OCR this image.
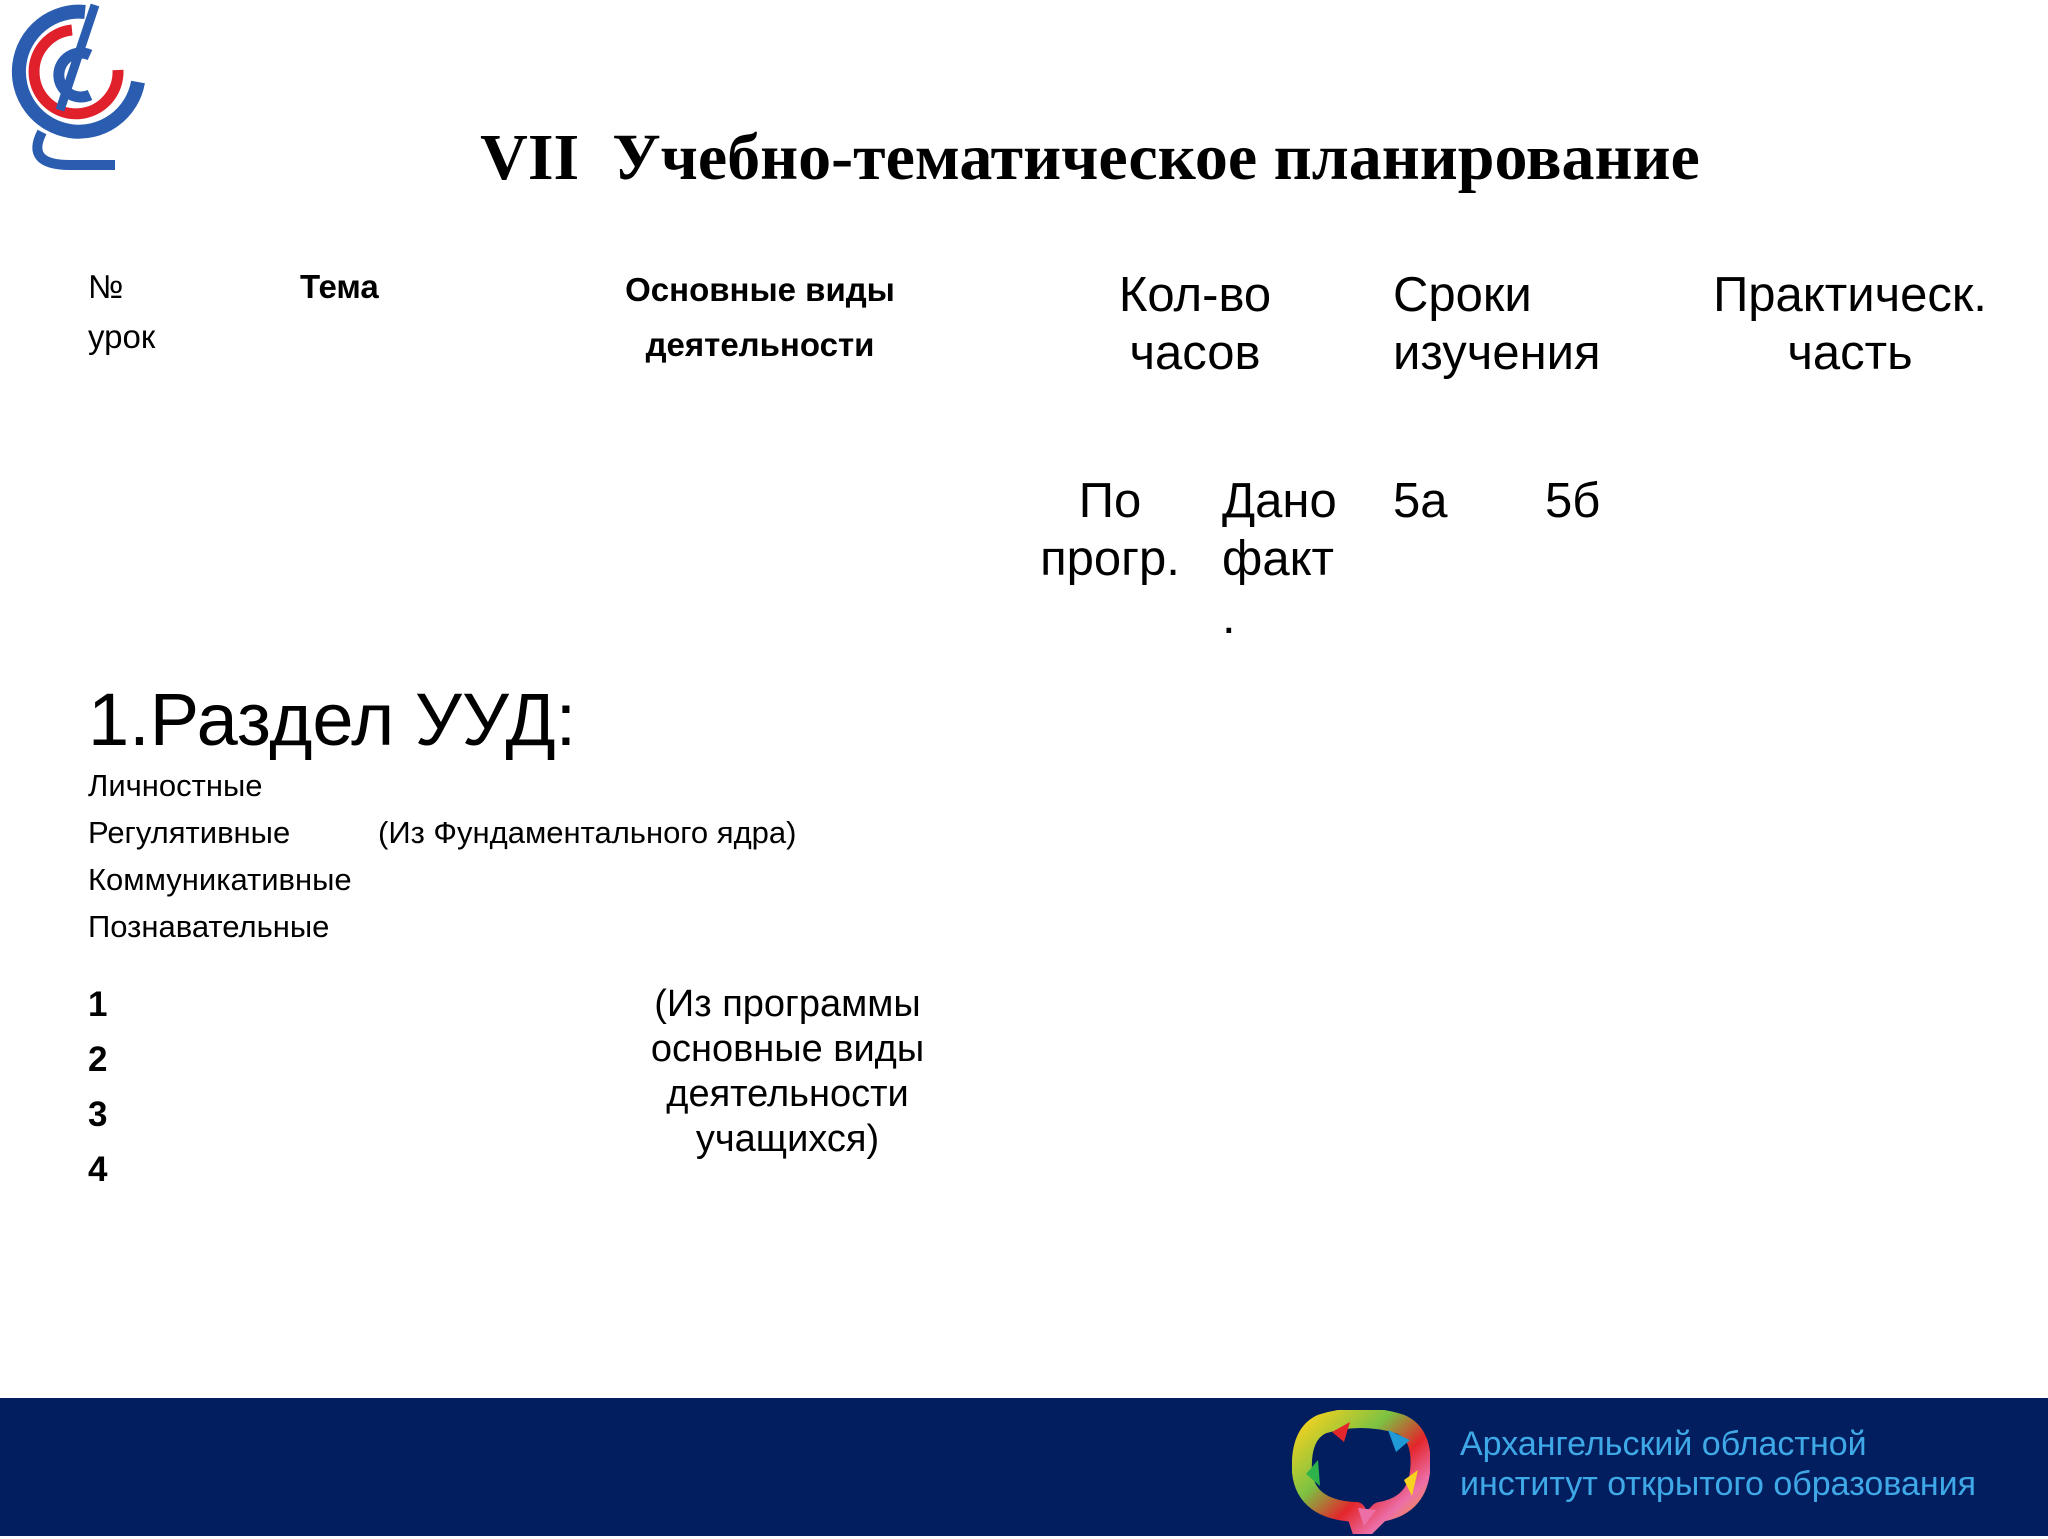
VII  Учебно-тематическое планирование
№
урок
Тема	Основные виды
деятельности
Кол-во
часов
Сроки
изучения
Практическ.
часть
По
прогр.
Дано
факт
.
5а 5б
1.Раздел УУД:
Личностные
Регулятивные	(Из Фундаментального ядра)
Коммуникативные
Познавательные
1
2
3
4
(Из программы
основные виды
деятельности
учащихся)
Архангельский областной
институт открытого образования
